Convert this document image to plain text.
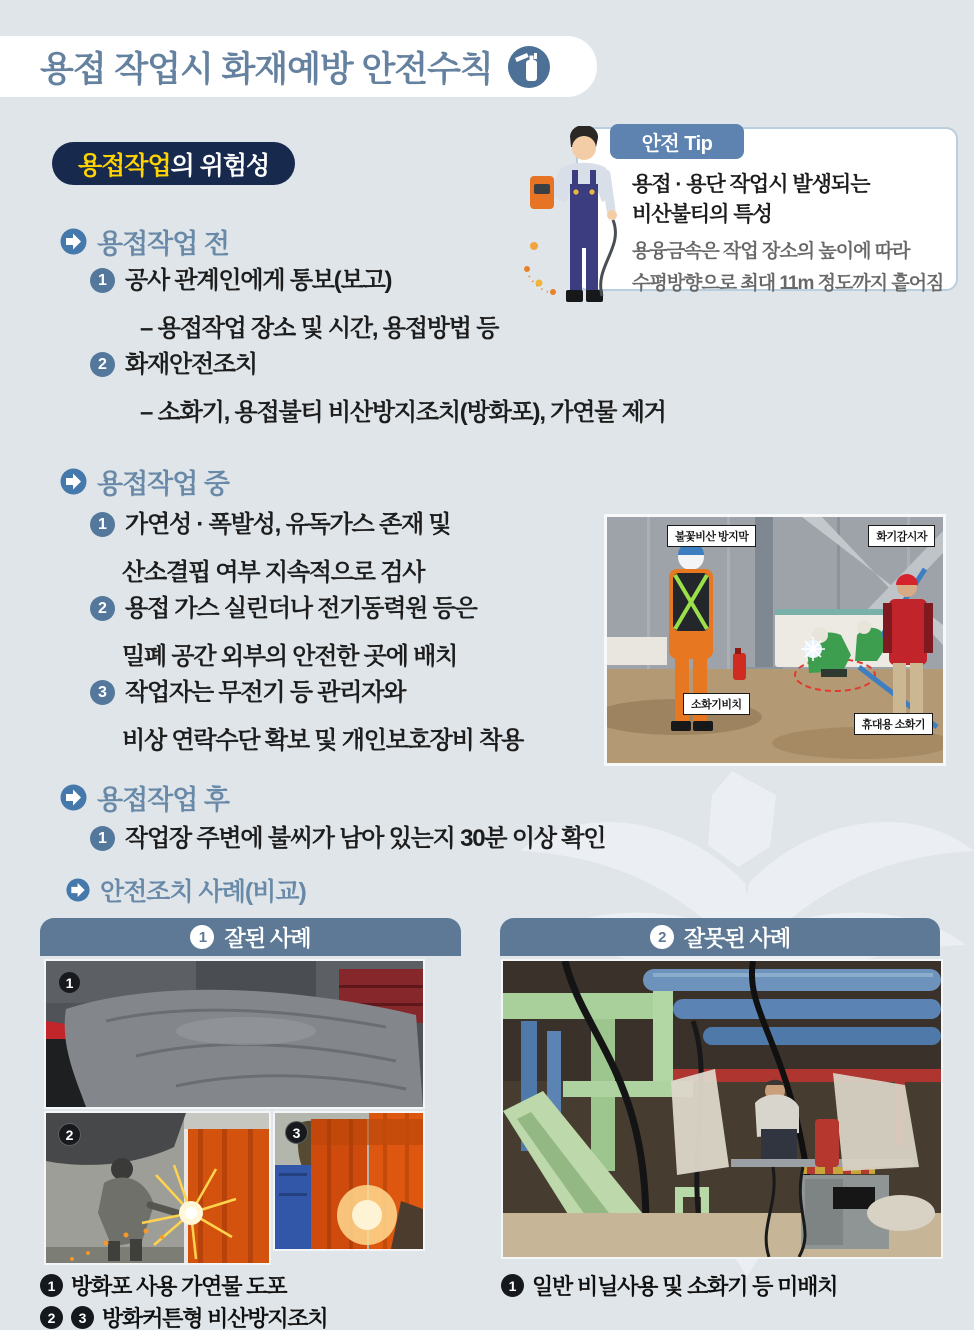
용접 작업시 화재예방 안전수칙
용접작업 의 위험성
안전 Tip
용접 · 용단 작업시 발생되는
비산불티의 특성
용융금속은 작업 장소의 높이에 따라
수평방향으로 최대 11m 정도까지 흩어짐
용접작업 전
1 공사 관계인에게 통보(보고)
– 용접작업 장소 및 시간, 용접방법 등
2 화재안전조치
– 소화기, 용접불티 비산방지조치(방화포), 가연물 제거
용접작업 중
1 가연성 · 폭발성, 유독가스 존재 및
산소결핍 여부 지속적으로 검사
2 용접 가스 실린더나 전기동력원 등은
밀폐 공간 외부의 안전한 곳에 배치
3 작업자는 무전기 등 관리자와
비상 연락수단 확보 및 개인보호장비 착용
불꽃비산 방지막	화기감시자
소화기비치
휴대용 소화기
용접작업 후
1 작업장 주변에 불씨가 남아 있는지 30분 이상 확인
안전조치 사례(비교)
1 잘된 사례	2 잘못된 사례
1
2	3
1 방화포 사용 가연물 도포
2	3 방화커튼형 비산방지조치
1 일반 비닐사용 및 소화기 등 미배치
